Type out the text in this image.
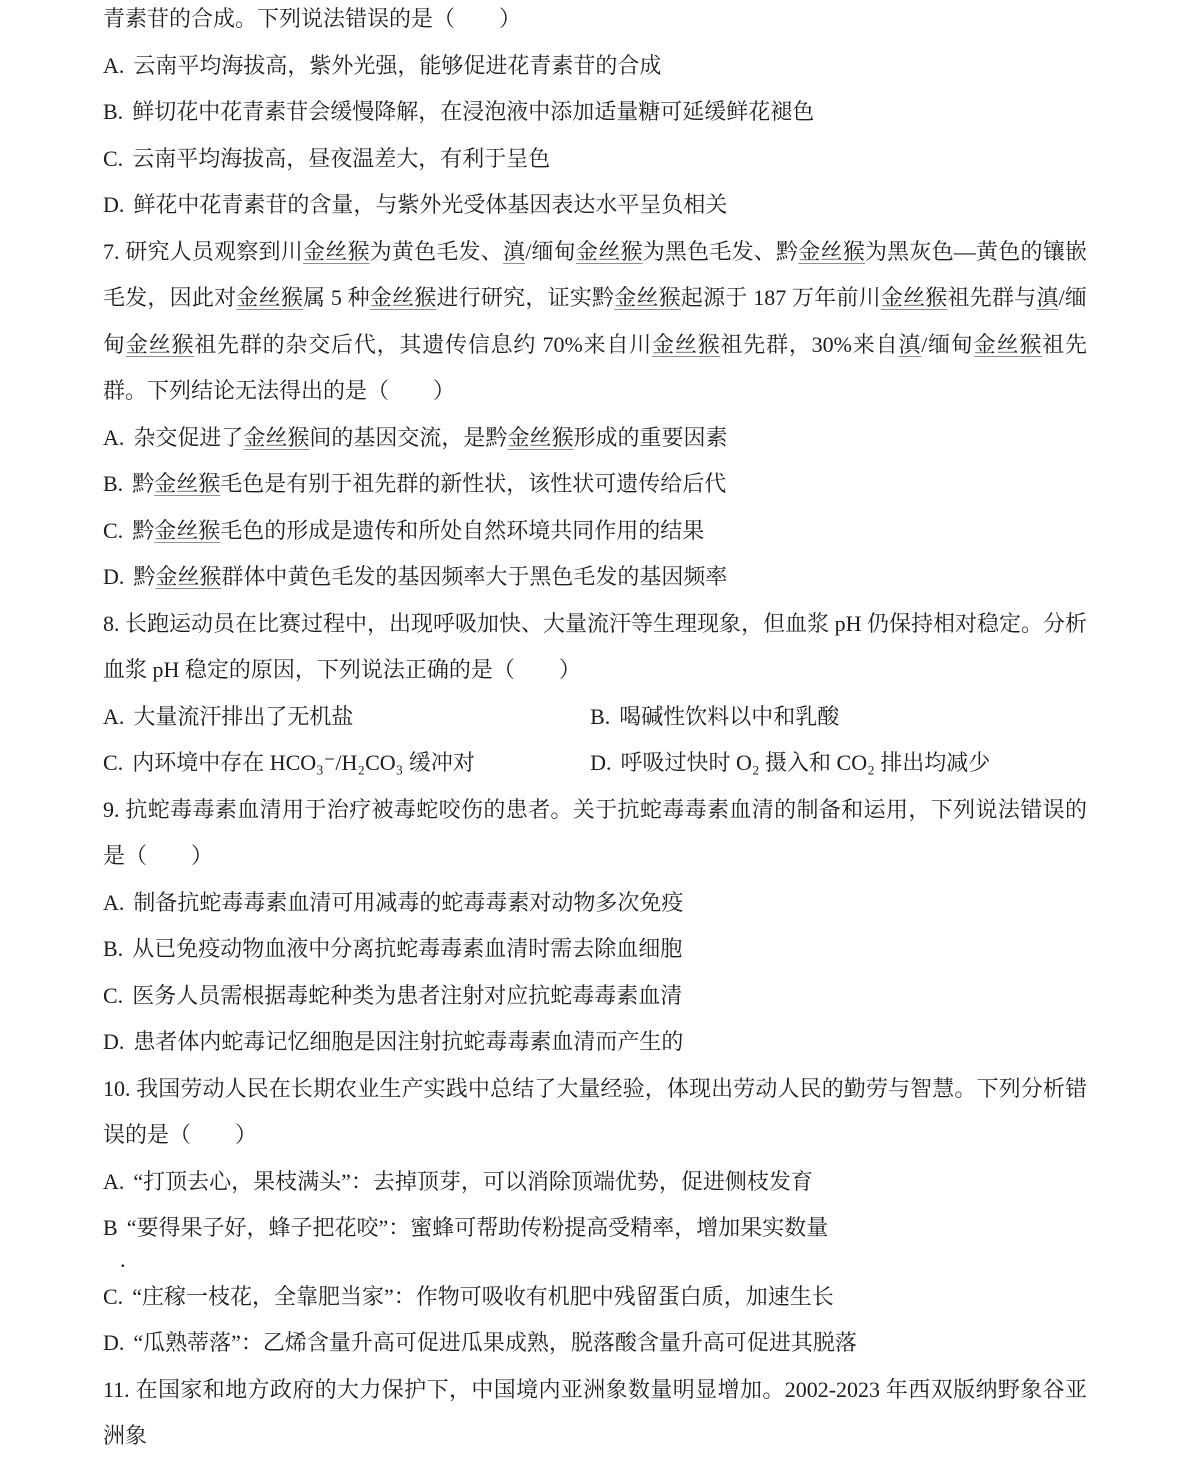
青素苷的合成。下列说法错误的是（　　）
A. 云南平均海拔高，紫外光强，能够促进花青素苷的合成
B. 鲜切花中花青素苷会缓慢降解，在浸泡液中添加适量糖可延缓鲜花褪色
C. 云南平均海拔高，昼夜温差大，有利于呈色
D. 鲜花中花青素苷的含量，与紫外光受体基因表达水平呈负相关
7. 研究人员观察到川金丝猴为黄色毛发、滇/缅甸金丝猴为黑色毛发、黔金丝猴为黑灰色—黄色的镶嵌毛发，因此对金丝猴属 5 种金丝猴进行研究，证实黔金丝猴起源于 187 万年前川金丝猴祖先群与滇/缅甸金丝猴祖先群的杂交后代，其遗传信息约 70%来自川金丝猴祖先群，30%来自滇/缅甸金丝猴祖先群。下列结论无法得出的是（　　）
A. 杂交促进了金丝猴间的基因交流，是黔金丝猴形成的重要因素
B. 黔金丝猴毛色是有别于祖先群的新性状，该性状可遗传给后代
C. 黔金丝猴毛色的形成是遗传和所处自然环境共同作用的结果
D. 黔金丝猴群体中黄色毛发的基因频率大于黑色毛发的基因频率
8. 长跑运动员在比赛过程中，出现呼吸加快、大量流汗等生理现象，但血浆 pH 仍保持相对稳定。分析血浆 pH 稳定的原因，下列说法正确的是（　　）
A. 大量流汗排出了无机盐	B. 喝碱性饮料以中和乳酸
C. 内环境中存在 HCO₃⁻/H₂CO₃ 缓冲对	D. 呼吸过快时 O₂ 摄入和 CO₂ 排出均减少
9. 抗蛇毒毒素血清用于治疗被毒蛇咬伤的患者。关于抗蛇毒毒素血清的制备和运用，下列说法错误的是（　　）
A. 制备抗蛇毒毒素血清可用减毒的蛇毒毒素对动物多次免疫
B. 从已免疫动物血液中分离抗蛇毒毒素血清时需去除血细胞
C. 医务人员需根据毒蛇种类为患者注射对应抗蛇毒毒素血清
D. 患者体内蛇毒记忆细胞是因注射抗蛇毒毒素血清而产生的
10. 我国劳动人民在长期农业生产实践中总结了大量经验，体现出劳动人民的勤劳与智慧。下列分析错误的是（　　）
A. “打顶去心，果枝满头”：去掉顶芽，可以消除顶端优势，促进侧枝发育
B “要得果子好，蜂子把花咬”：蜜蜂可帮助传粉提高受精率，增加果实数量
.
C. “庄稼一枝花，全靠肥当家”：作物可吸收有机肥中残留蛋白质，加速生长
D. “瓜熟蒂落”：乙烯含量升高可促进瓜果成熟，脱落酸含量升高可促进其脱落
11. 在国家和地方政府的大力保护下，中国境内亚洲象数量明显增加。2002-2023 年西双版纳野象谷亚洲象
